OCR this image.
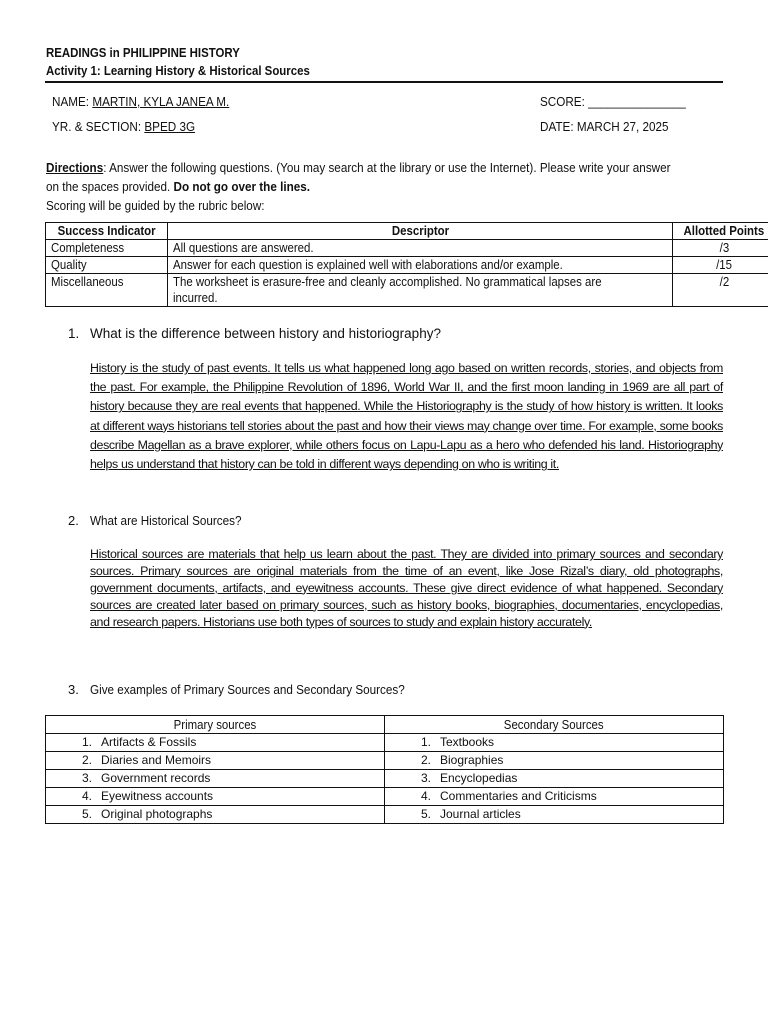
READINGS in PHILIPPINE HISTORY
Activity 1: Learning History & Historical Sources
NAME: MARTIN, KYLA JANEA M.	SCORE: _______________
YR. & SECTION: BPED 3G	DATE: MARCH 27, 2025
Directions: Answer the following questions. (You may search at the library or use the Internet). Please write your answer on the spaces provided. Do not go over the lines.
Scoring will be guided by the rubric below:
Success Indicator	Descriptor	Allotted Points
Completeness	All questions are answered.	/3
Quality	Answer for each question is explained well with elaborations and/or example.	/15
Miscellaneous	The worksheet is erasure-free and cleanly accomplished. No grammatical lapses are incurred.	/2
1. What is the difference between history and historiography?
History is the study of past events. It tells us what happened long ago based on written records, stories, and objects from the past. For example, the Philippine Revolution of 1896, World War II, and the first moon landing in 1969 are all part of history because they are real events that happened. While the Historiography is the study of how history is written. It looks at different ways historians tell stories about the past and how their views may change over time. For example, some books describe Magellan as a brave explorer, while others focus on Lapu-Lapu as a hero who defended his land. Historiography helps us understand that history can be told in different ways depending on who is writing it.
2. What are Historical Sources?
Historical sources are materials that help us learn about the past. They are divided into primary sources and secondary sources. Primary sources are original materials from the time of an event, like Jose Rizal’s diary, old photographs, government documents, artifacts, and eyewitness accounts. These give direct evidence of what happened. Secondary sources are created later based on primary sources, such as history books, biographies, documentaries, encyclopedias, and research papers. Historians use both types of sources to study and explain history accurately.
3. Give examples of Primary Sources and Secondary Sources?
Primary sources	Secondary Sources
1. Artifacts & Fossils	1. Textbooks
2. Diaries and Memoirs	2. Biographies
3. Government records	3. Encyclopedias
4. Eyewitness accounts	4. Commentaries and Criticisms
5. Original photographs	5. Journal articles
